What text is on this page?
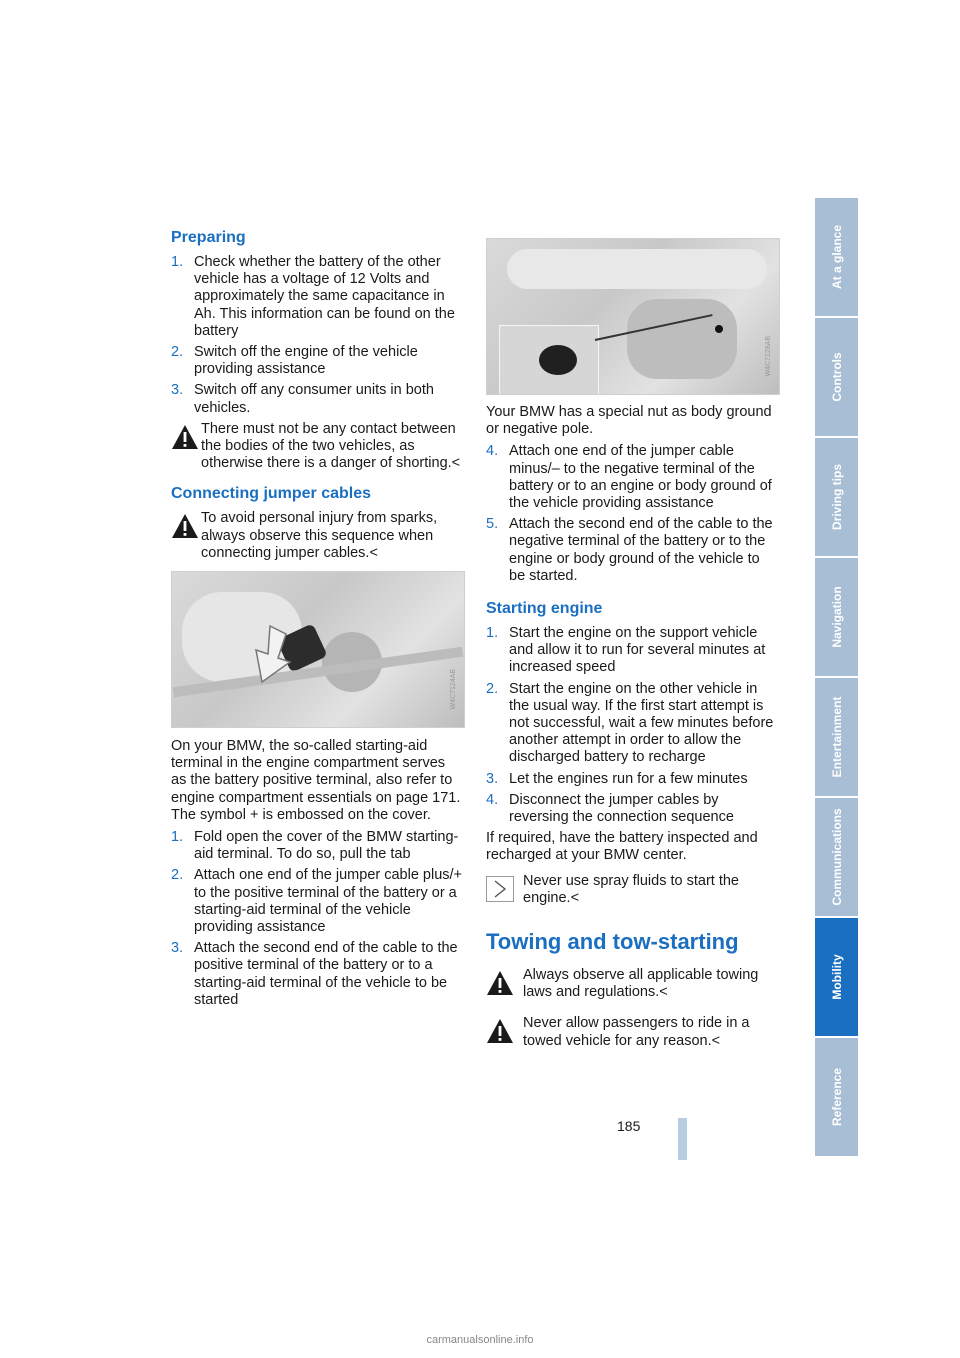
Preparing
1. Check whether the battery of the other vehicle has a voltage of 12 Volts and approximately the same capacitance in Ah. This information can be found on the battery
2. Switch off the engine of the vehicle providing assistance
3. Switch off any consumer units in both vehicles.
There must not be any contact between the bodies of the two vehicles, as otherwise there is a danger of shorting.<
Connecting jumper cables
To avoid personal injury from sparks, always observe this sequence when connecting jumper cables.<
W4C7124AB

On your BMW, the so-called starting-aid terminal in the engine compartment serves as the battery positive terminal, also refer to engine compartment essentials on page 171. The symbol + is embossed on the cover.

1. Fold open the cover of the BMW starting-aid terminal. To do so, pull the tab
2. Attach one end of the jumper cable plus/+ to the positive terminal of the battery or a starting-aid terminal of the vehicle providing assistance
3. Attach the second end of the cable to the positive terminal of the battery or to a starting-aid terminal of the vehicle to be started
W4C7128AB

Your BMW has a special nut as body ground or negative pole.

4. Attach one end of the jumper cable minus/– to the negative terminal of the battery or to an engine or body ground of the vehicle providing assistance
5. Attach the second end of the cable to the negative terminal of the battery or to the engine or body ground of the vehicle to be started.
Starting engine
1. Start the engine on the support vehicle and allow it to run for several minutes at increased speed
2. Start the engine on the other vehicle in the usual way. If the first start attempt is not successful, wait a few minutes before another attempt in order to allow the discharged battery to recharge
3. Let the engines run for a few minutes
4. Disconnect the jumper cables by reversing the connection sequence

If required, have the battery inspected and recharged at your BMW center.

Never use spray fluids to start the engine.<
Towing and tow-starting
Always observe all applicable towing laws and regulations.<
Never allow passengers to ride in a towed vehicle for any reason.<
At a glance
Controls
Driving tips
Navigation
Entertainment
Communications
Mobility
Reference
185
carmanualsonline.info
